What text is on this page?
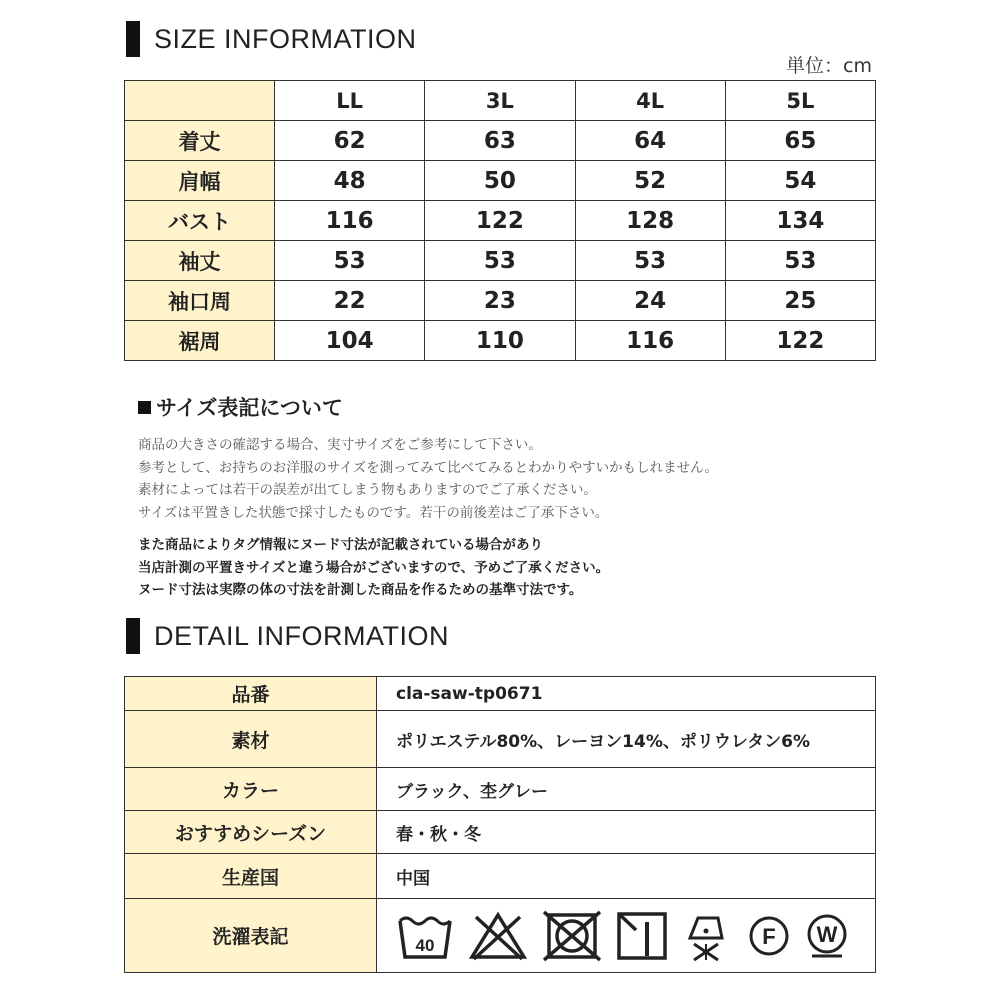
SIZE INFORMATION
単位：cm
	LL	3L	4L	5L
着丈	62	63	64	65
肩幅	48	50	52	54
バスト	116	122	128	134
袖丈	53	53	53	53
袖口周	22	23	24	25
裾周	104	110	116	122
サイズ表記について
商品の大きさの確認する場合、実寸サイズをご参考にして下さい。
参考として、お持ちのお洋服のサイズを測ってみて比べてみるとわかりやすいかもしれません。
素材によっては若干の誤差が出てしまう物もありますのでご了承ください。
サイズは平置きした状態で採寸したものです。若干の前後差はご了承下さい。
また商品によりタグ情報にヌード寸法が記載されている場合があり
当店計測の平置きサイズと違う場合がございますので、予めご了承ください。
ヌード寸法は実際の体の寸法を計測した商品を作るための基準寸法です。
DETAIL INFORMATION
品番	cla-saw-tp0671
素材	ポリエステル80%、レーヨン14%、ポリウレタン6%
カラー	ブラック、杢グレー
おすすめシーズン	春・秋・冬
生産国	中国
洗濯表記	40 F W
